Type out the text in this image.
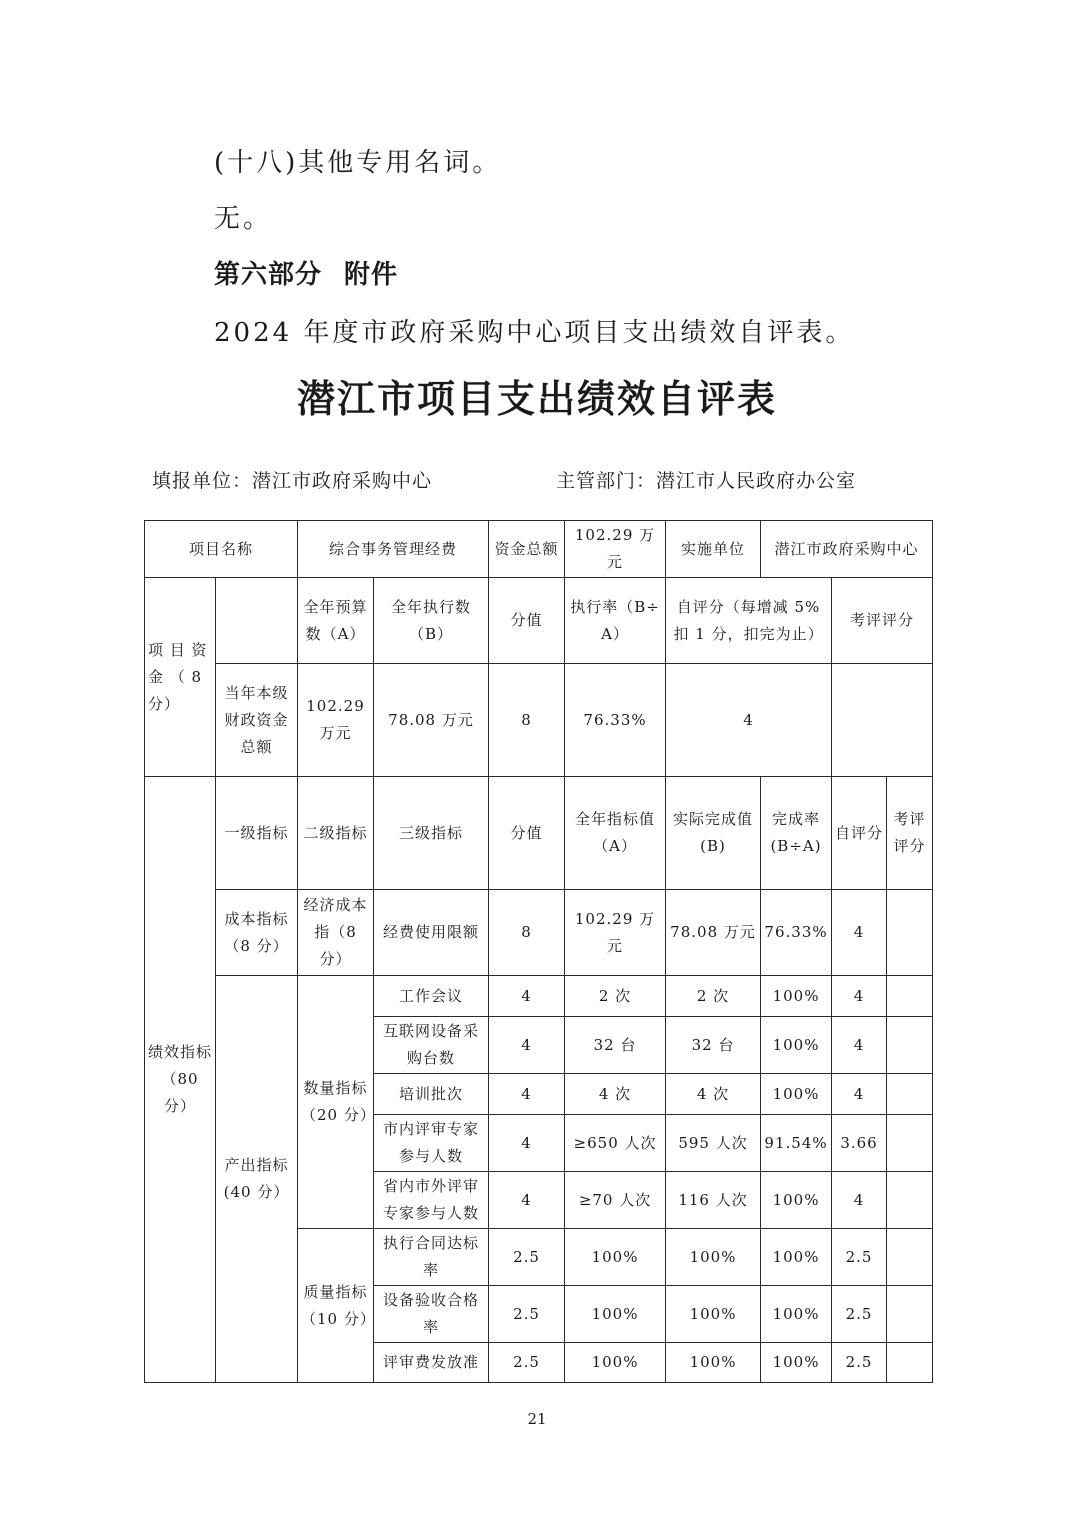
(十八)其他专用名词。
无。
第六部分 附件
2024 年度市政府采购中心项目支出绩效自评表。
潜江市项目支出绩效自评表
填报单位：潜江市政府采购中心	主管部门：潜江市人民政府办公室
项目名称		综合事务管理经费		资金总额	102.29 万元	实施单位	潜江市政府采购中心		
项 目 资 金 （ 8 分）		全年预算数（A）	全年执行数（B）	分值	执行率（B÷A）	自评分（每增减 5%扣 1 分，扣完为止）		考评评分	
	当年本级财政资金总额	102.29 万元	78.08 万元	8	76.33%	4			
绩效指标（80 分）	一级指标	二级指标	三级指标	分值	全年指标值（A）	实际完成值(B)	完成率(B÷A)	自评分	考评评分
	成本指标（8 分）	经济成本指（8 分）	经费使用限额	8	102.29 万元	78.08 万元	76.33%	4	
	产出指标(40 分）	数量指标（20 分）	工作会议	4	2 次	2 次	100%	4	
			互联网设备采购台数	4	32 台	32 台	100%	4	
			培训批次	4	4 次	4 次	100%	4	
			市内评审专家参与人数	4	≥650 人次	595 人次	91.54%	3.66	
			省内市外评审专家参与人数	4	≥70 人次	116 人次	100%	4	
		质量指标（10 分）	执行合同达标率	2.5	100%	100%	100%	2.5	
			设备验收合格率	2.5	100%	100%	100%	2.5	
			评审费发放准	2.5	100%	100%	100%	2.5	
21
